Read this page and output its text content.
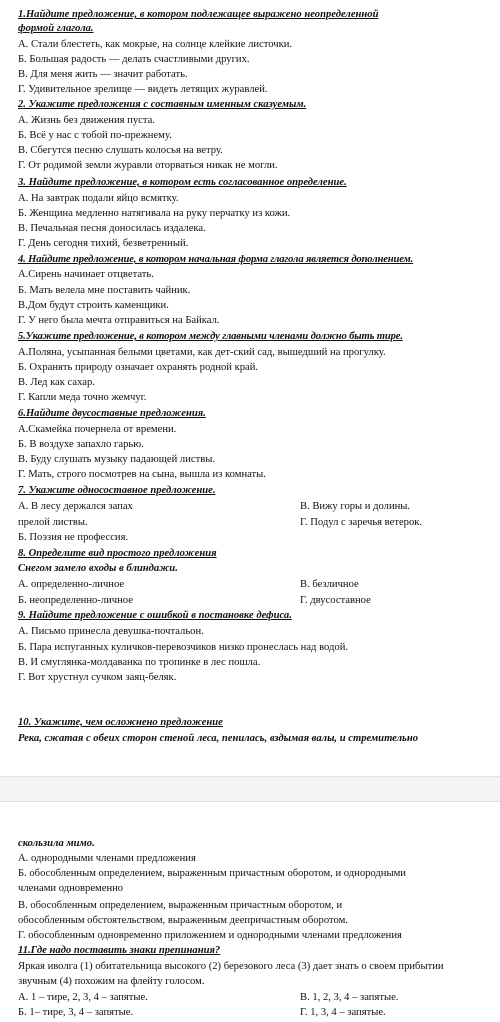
1.Найдите предложение, в котором подлежащее выражено неопределенной
формой глагола.
А. Стали блестеть, как мокрые, на солнце клейкие листочки.
Б. Большая радость — делать счастливыми других.
В. Для меня жить — значит работать.
Г. Удивительное зрелище — видеть летящих журавлей.
2. Укажите предложения с составным именным сказуемым.
А. Жизнь без движения пуста.
Б. Всё у нас с тобой по-прежнему.
В. Сбегутся песню слушать колосья на ветру.
Г. От родимой земли журавли оторваться никак не могли.
3. Найдите предложение, в котором есть согласованное определение.
А. На завтрак подали яйцо всмятку.
Б. Женщина медленно натягивала на руку перчатку из кожи.
В. Печальная песня доносилась издалека.
Г. День сегодня тихий, безветренный.
4. Найдите предложение, в котором начальная форма глагола является дополнением.
А.Сирень начинает отцветать.
Б. Мать велела мне поставить чайник.
В.Дом будут строить каменщики.
Г. У него была мечта отправиться на Байкал.
5.Укажите предложение, в котором между главными членами должно быть тире.
А.Поляна, усыпанная белыми цветами, как дет-ский сад, вышедший на прогулку.
Б. Охранять природу означает охранять родной край.
В. Лед как сахар.
Г. Капли меда точно жемчуг.
6.Найдите двусоставные предложения.
А.Скамейка почернела от времени.
Б. В воздухе запахло гарью.
В. Буду слушать музыку падающей листвы.
Г. Мать, строго посмотрев на сына, вышла из комнаты.
7. Укажите односоставное предложение.
А. В лесу держался запах
прелой листвы.
Б. Поэзия не профессия.
В. Вижу горы и долины.
Г. Подул с заречья ветерок.
8. Определите вид простого предложения
Снегом замело входы в блиндажи.
А. определенно-личное
Б. неопределенно-личное
В. безличное
Г. двусоставное
9. Найдите предложение с ошибкой в постановке дефиса.
А. Письмо принесла девушка-почтальон.
Б. Пара испуганных куличков-перевозчиков низко пронеслась над водой.
В. И смуглянка-молдаванка по тропинке в лес пошла.
Г. Вот хрустнул сучком заяц-беляк.
10. Укажите, чем осложнено предложение
Река, сжатая с обеих сторон стеной леса, пенилась, вздымая валы, и стремительно
скользила мимо.
А. однородными членами предложения
Б. обособленным определением, выраженным причастным оборотом, и однородными
членами одновременно
В. обособленным определением, выраженным причастным оборотом, и
обособленным обстоятельством, выраженным деепричастным оборотом.
Г. обособленным одновременно приложением и однородными членами предложения
11.Где надо поставить знаки препинания?
Яркая иволга (1) обитательница высокого (2) березового леса (3) дает знать о своем прибытии
звучным (4) похожим на флейту голосом.
А. 1 – тире, 2, 3, 4 – запятые.
Б. 1– тире, 3, 4 – запятые.
В. 1, 2, 3, 4 – запятые.
Г. 1, 3, 4 – запятые.
